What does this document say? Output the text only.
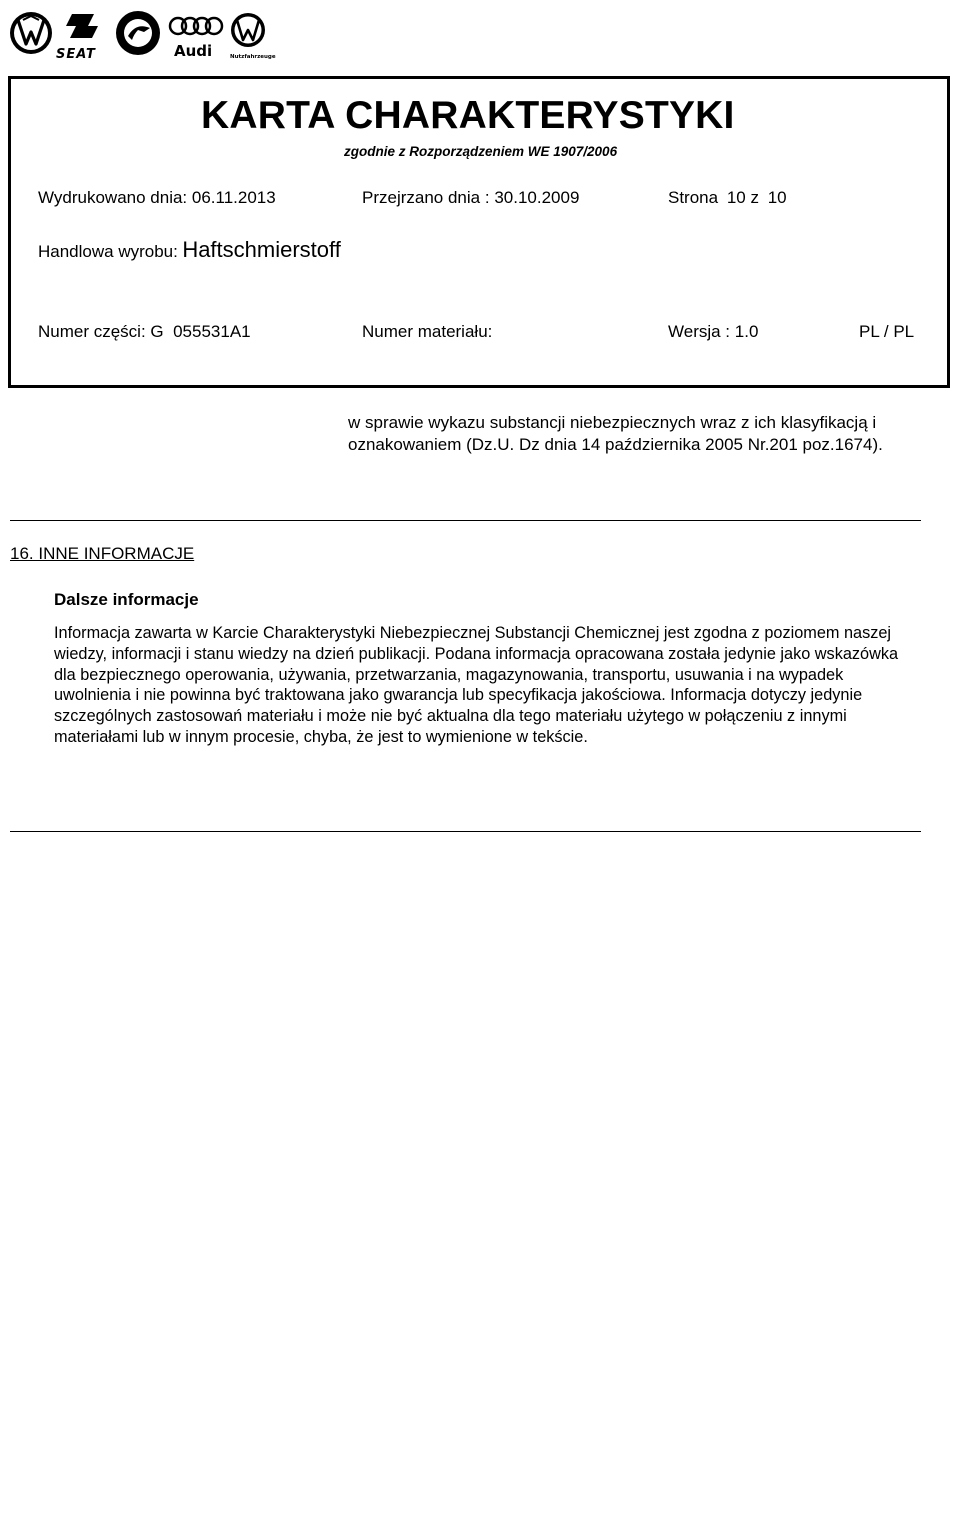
SEAT	Audi	Nutzfahrzeuge
KARTA CHARAKTERYSTYKI
zgodnie z Rozporządzeniem WE 1907/2006
Wydrukowano dnia: 06.11.2013	Przejrzano dnia : 30.10.2009	Strona 10 z 10
Handlowa wyrobu: Haftschmierstoff
Numer części: G  055531A1	Numer materiału:	Wersja : 1.0	PL / PL
w sprawie wykazu substancji niebezpiecznych wraz z ich klasyfikacją i oznakowaniem (Dz.U. Dz dnia 14 października 2005 Nr.201 poz.1674).
16. INNE INFORMACJE
Dalsze informacje
Informacja zawarta w Karcie Charakterystyki Niebezpiecznej Substancji Chemicznej jest zgodna z poziomem naszej wiedzy, informacji i stanu wiedzy na dzień publikacji. Podana informacja opracowana została jedynie jako wskazówka dla bezpiecznego operowania, używania, przetwarzania, magazynowania, transportu, usuwania i na wypadek uwolnienia i nie powinna być traktowana jako gwarancja lub specyfikacja jakościowa. Informacja dotyczy jedynie szczególnych zastosowań materiału i może nie być aktualna dla tego materiału użytego w połączeniu z innymi materiałami lub w innym procesie, chyba, że jest to wymienione w tekście.
